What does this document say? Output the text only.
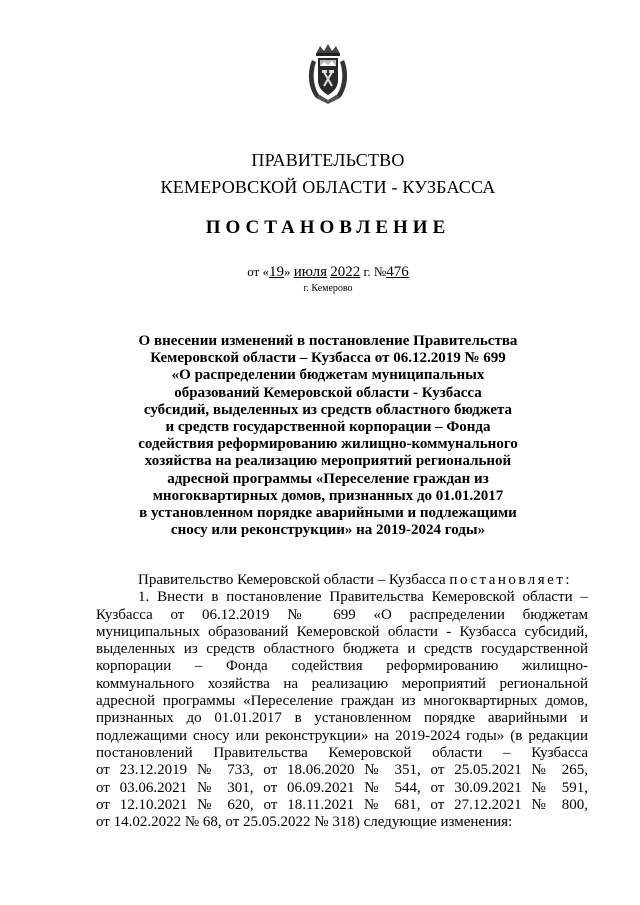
ПРАВИТЕЛЬСТВО
КЕМЕРОВСКОЙ ОБЛАСТИ - КУЗБАССА
ПОСТАНОВЛЕНИЕ
от «19» июля 2022 г. №476
г. Кемерово
О внесении изменений в постановление Правительства
Кемеровской области – Кузбасса от 06.12.2019 № 699
«О распределении бюджетам муниципальных
образований Кемеровской области - Кузбасса
субсидий, выделенных из средств областного бюджета
и средств государственной корпорации – Фонда
содействия реформированию жилищно-коммунального
хозяйства на реализацию мероприятий региональной
адресной программы «Переселение граждан из
многоквартирных домов, признанных до 01.01.2017
в установленном порядке аварийными и подлежащими
сносу или реконструкции» на 2019-2024 годы»
Правительство Кемеровской области – Кузбасса постановляет:
1. Внести в постановление Правительства Кемеровской области –
Кузбасса от 06.12.2019 № 699 «О распределении бюджетам
муниципальных образований Кемеровской области - Кузбасса субсидий,
выделенных из средств областного бюджета и средств государственной
корпорации – Фонда содействия реформированию жилищно-
коммунального хозяйства на реализацию мероприятий региональной
адресной программы «Переселение граждан из многоквартирных домов,
признанных до 01.01.2017 в установленном порядке аварийными и
подлежащими сносу или реконструкции» на 2019-2024 годы» (в редакции
постановлений Правительства Кемеровской области – Кузбасса
от 23.12.2019 № 733, от 18.06.2020 № 351, от 25.05.2021 № 265,
от 03.06.2021 № 301, от 06.09.2021 № 544, от 30.09.2021 № 591,
от 12.10.2021 № 620, от 18.11.2021 № 681, от 27.12.2021 № 800,
от 14.02.2022 № 68, от 25.05.2022 № 318) следующие изменения:
